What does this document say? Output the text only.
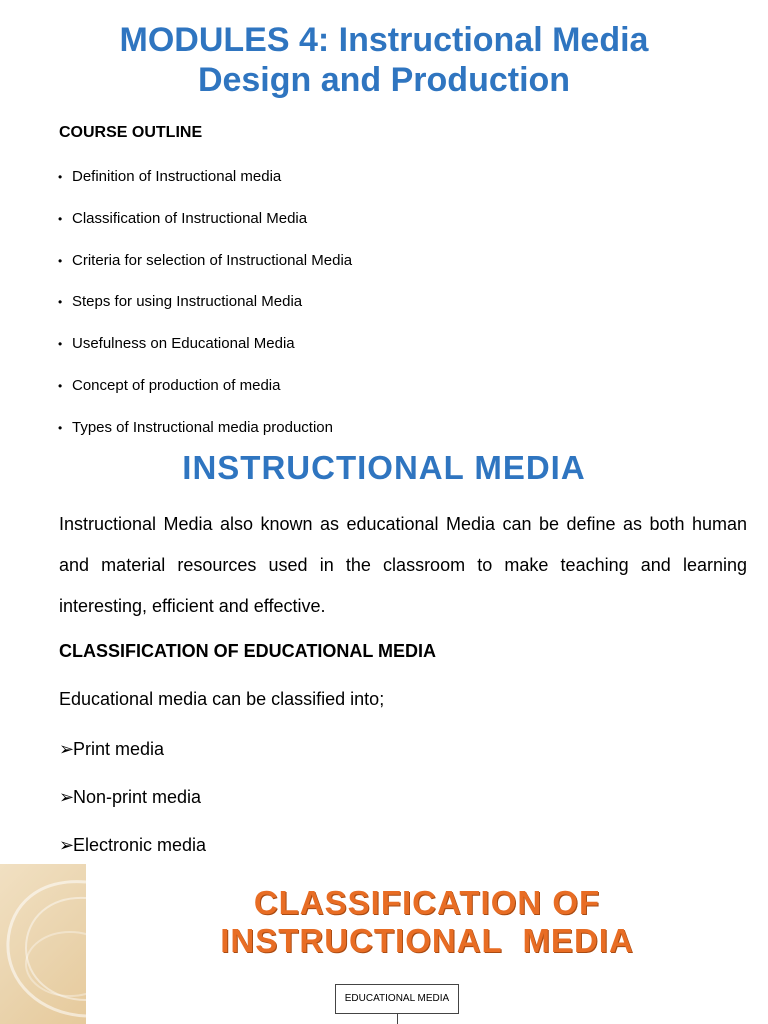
MODULES 4: Instructional Media
Design and Production
COURSE OUTLINE
• Definition of Instructional media
• Classification of Instructional Media
• Criteria for selection of Instructional Media
• Steps for using Instructional Media
• Usefulness on Educational Media
• Concept of production of media
• Types of Instructional media production
INSTRUCTIONAL MEDIA

Instructional Media also known as educational Media can be define as both human and material resources used in the classroom to make teaching and learning interesting, efficient and effective.

CLASSIFICATION OF EDUCATIONAL MEDIA
Educational media can be classified into;
➢
Print media
➢
Non-print media
➢
Electronic media
CLASSIFICATION OF
INSTRUCTIONAL  MEDIA
EDUCATIONAL MEDIA
